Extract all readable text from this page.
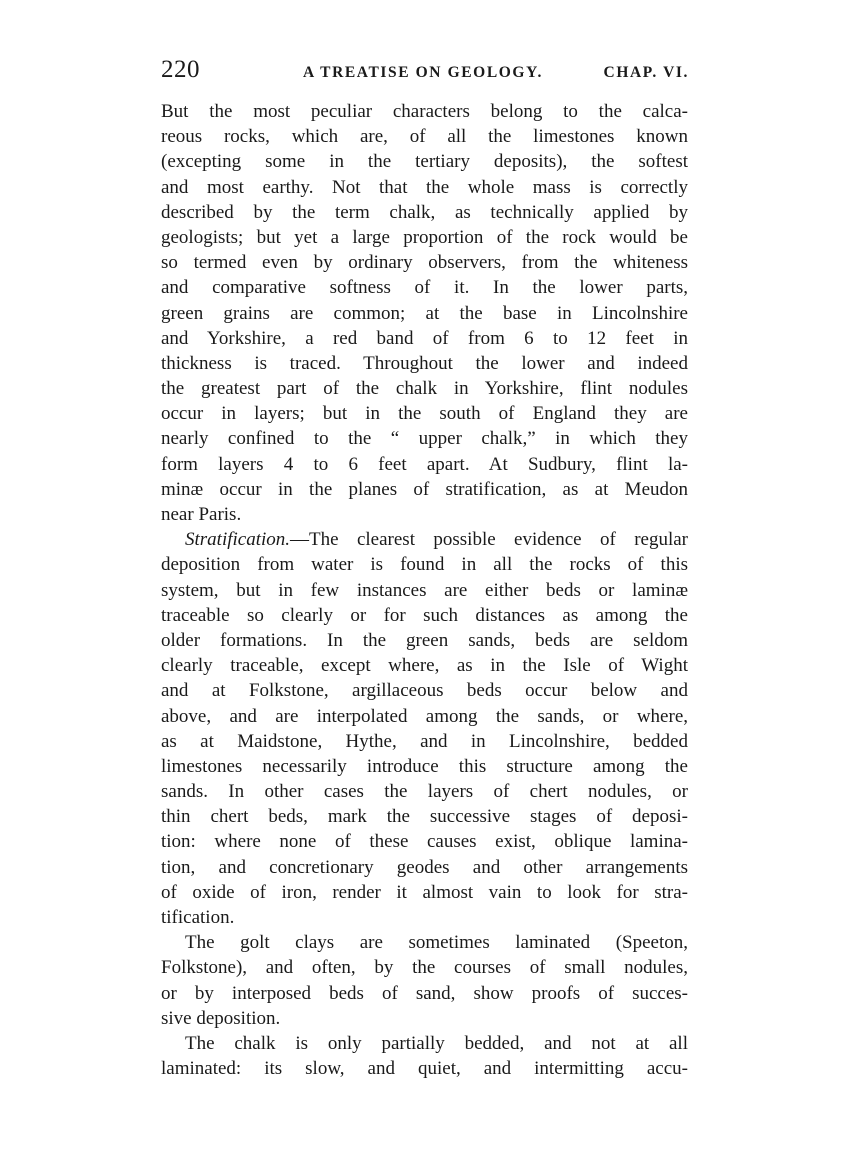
220	A TREATISE ON GEOLOGY.	CHAP. VI.
But the most peculiar characters belong to the calca-
reous rocks, which are, of all the limestones known
(excepting some in the tertiary deposits), the softest
and most earthy. Not that the whole mass is correctly
described by the term chalk, as technically applied by
geologists; but yet a large proportion of the rock would be
so termed even by ordinary observers, from the whiteness
and comparative softness of it. In the lower parts,
green grains are common; at the base in Lincolnshire
and Yorkshire, a red band of from 6 to 12 feet in
thickness is traced. Throughout the lower and indeed
the greatest part of the chalk in Yorkshire, flint nodules
occur in layers; but in the south of England they are
nearly confined to the “ upper chalk,” in which they
form layers 4 to 6 feet apart. At Sudbury, flint la-
minæ occur in the planes of stratification, as at Meudon
near Paris.
Stratification.—The clearest possible evidence of regular
deposition from water is found in all the rocks of this
system, but in few instances are either beds or laminæ
traceable so clearly or for such distances as among the
older formations. In the green sands, beds are seldom
clearly traceable, except where, as in the Isle of Wight
and at Folkstone, argillaceous beds occur below and
above, and are interpolated among the sands, or where,
as at Maidstone, Hythe, and in Lincolnshire, bedded
limestones necessarily introduce this structure among the
sands. In other cases the layers of chert nodules, or
thin chert beds, mark the successive stages of deposi-
tion: where none of these causes exist, oblique lamina-
tion, and concretionary geodes and other arrangements
of oxide of iron, render it almost vain to look for stra-
tification.
The golt clays are sometimes laminated (Speeton,
Folkstone), and often, by the courses of small nodules,
or by interposed beds of sand, show proofs of succes-
sive deposition.
The chalk is only partially bedded, and not at all
laminated: its slow, and quiet, and intermitting accu-
